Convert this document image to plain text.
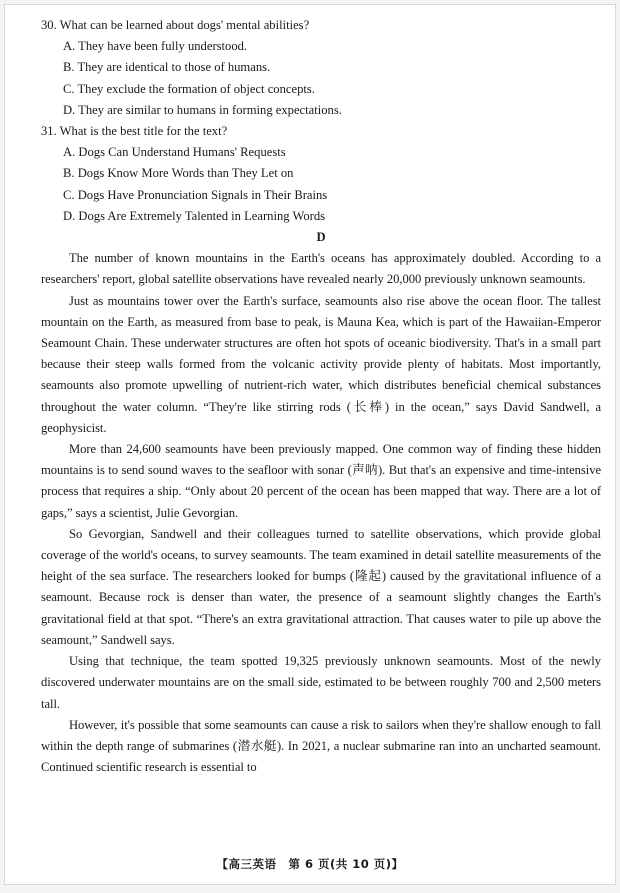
30. What can be learned about dogs' mental abilities?

A. They have been fully understood.

B. They are identical to those of humans.

C. They exclude the formation of object concepts.

D. They are similar to humans in forming expectations.

31. What is the best title for the text?

A. Dogs Can Understand Humans' Requests

B. Dogs Know More Words than They Let on

C. Dogs Have Pronunciation Signals in Their Brains

D. Dogs Are Extremely Talented in Learning Words

D

The number of known mountains in the Earth's oceans has approximately doubled. According to a researchers' report, global satellite observations have revealed nearly 20,000 previously unknown seamounts.

Just as mountains tower over the Earth's surface, seamounts also rise above the ocean floor. The tallest mountain on the Earth, as measured from base to peak, is Mauna Kea, which is part of the Hawaiian-Emperor Seamount Chain. These underwater structures are often hot spots of oceanic biodiversity. That's in a small part because their steep walls formed from the volcanic activity provide plenty of habitats. Most importantly, seamounts also promote upwelling of nutrient-rich water, which distributes beneficial chemical substances throughout the water column. “They're like stirring rods (长棒) in the ocean,” says David Sandwell, a geophysicist.

More than 24,600 seamounts have been previously mapped. One common way of finding these hidden mountains is to send sound waves to the seafloor with sonar (声呐). But that's an expensive and time-intensive process that requires a ship. “Only about 20 percent of the ocean has been mapped that way. There are a lot of gaps,” says a scientist, Julie Gevorgian.

So Gevorgian, Sandwell and their colleagues turned to satellite observations, which provide global coverage of the world's oceans, to survey seamounts. The team examined in detail satellite measurements of the height of the sea surface. The researchers looked for bumps (隆起) caused by the gravitational influence of a seamount. Because rock is denser than water, the presence of a seamount slightly changes the Earth's gravitational field at that spot. “There's an extra gravitational attraction. That causes water to pile up above the seamount,” Sandwell says.

Using that technique, the team spotted 19,325 previously unknown seamounts. Most of the newly discovered underwater mountains are on the small side, estimated to be between roughly 700 and 2,500 meters tall.

However, it's possible that some seamounts can cause a risk to sailors when they're shallow enough to fall within the depth range of submarines (潜水艇). In 2021, a nuclear submarine ran into an uncharted seamount. Continued scientific research is essential to

【高三英语　第 6 页(共 10 页)】
